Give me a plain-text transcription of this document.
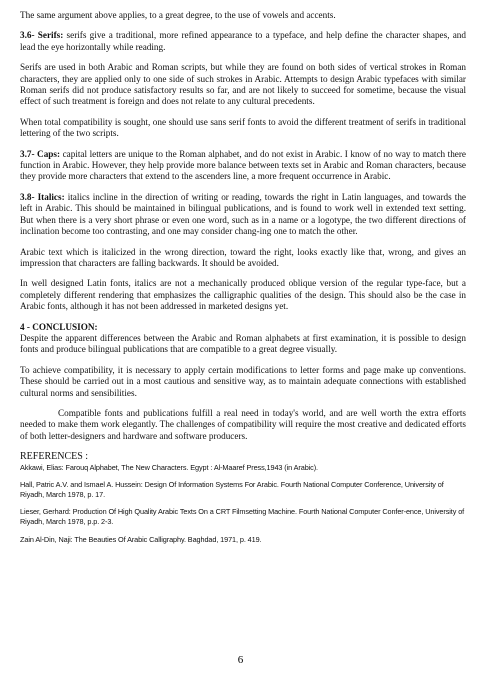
The same argument above applies, to a great degree, to the use of vowels and accents.

3.6- Serifs: serifs give a traditional, more refined appearance to a typeface, and help define the character shapes, and lead the eye horizontally while reading.

Serifs are used in both Arabic and Roman scripts, but while they are found on both sides of vertical strokes in Roman characters, they are applied only to one side of such strokes in Arabic. Attempts to design Arabic typefaces with similar Roman serifs did not produce satisfactory results so far, and are not likely to succeed for sometime, because the visual effect of such treatment is foreign and does not relate to any cultural precedents.

When total compatibility is sought, one should use sans serif fonts to avoid the different treatment of serifs in traditional lettering of the two scripts.

3.7- Caps: capital letters are unique to the Roman alphabet, and do not exist in Arabic. I know of no way to match there function in Arabic. However, they help provide more balance between texts set in Arabic and Roman characters, because they provide more characters that extend to the ascenders line, a more frequent occurrence in Arabic.

3.8- Italics: italics incline in the direction of writing or reading, towards the right in Latin languages, and towards the left in Arabic. This should be maintained in bilingual publications, and is found to work well in extended text setting. But when there is a very short phrase or even one word, such as in a name or a logotype, the two different directions of inclination become too contrasting, and one may consider chang-ing one to match the other.

Arabic text which is italicized in the wrong direction, toward the right, looks exactly like that, wrong, and gives an impression that characters are falling backwards. It should be avoided.

In well designed Latin fonts, italics are not a mechanically produced oblique version of the regular type-face, but a completely different rendering that emphasizes the calligraphic qualities of the design. This should also be the case in Arabic fonts, although it has not been addressed in marketed designs yet.

4 - CONCLUSION:

Despite the apparent differences between the Arabic and Roman alphabets at first examination, it is possible to design fonts and produce bilingual publications that are compatible to a great degree visually.

To achieve compatibility, it is necessary to apply certain modifications to letter forms and page make up conventions. These should be carried out in a most cautious and sensitive way, as to maintain adequate connections with established cultural norms and sensibilities.

Compatible fonts and publications fulfill a real need in today's world, and are well worth the extra efforts needed to make them work elegantly. The challenges of compatibility will require the most creative and dedicated efforts of both letter-designers and hardware and software producers.

REFERENCES :

Akkawi, Elias: Farouq Alphabet, The New Characters. Egypt : Al-Maaref Press,1943 (in Arabic).

Hall, Patric A.V. and Ismael A. Hussein: Design Of Information Systems For Arabic. Fourth National Computer Conference, University of Riyadh, March 1978, p. 17.

Lieser, Gerhard: Production Of High Quality Arabic Texts On a CRT Filmsetting Machine. Fourth National Computer Confer-ence, University of Riyadh, March 1978, p.p. 2-3.

Zain Al-Din, Naji: The Beauties Of Arabic Calligraphy. Baghdad, 1971, p. 419.

6
